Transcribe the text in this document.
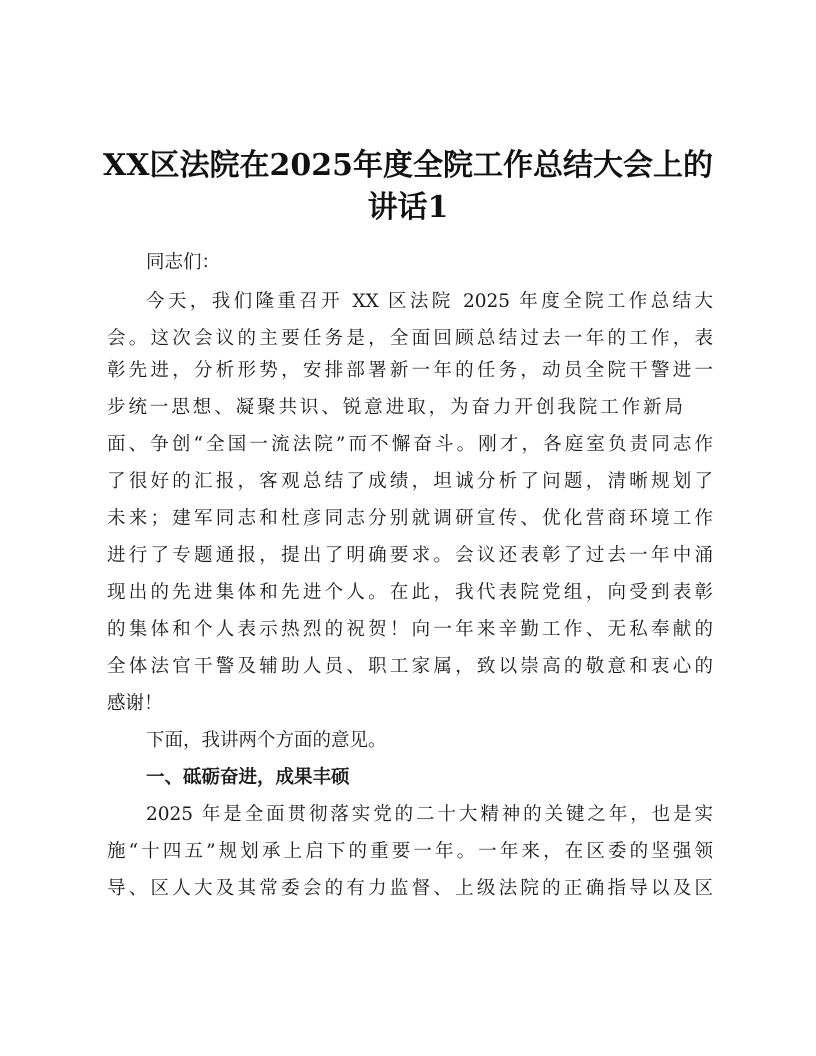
XX区法院在2025年度全院工作总结大会上的
讲话1
同志们：
今天，我们隆重召开 XX 区法院 2025 年度全院工作总结大
会。这次会议的主要任务是，全面回顾总结过去一年的工作，表
彰先进，分析形势，安排部署新一年的任务，动员全院干警进一
步统一思想、凝聚共识、锐意进取，为奋力开创我院工作新局
面、争创“全国一流法院”而不懈奋斗。刚才，各庭室负责同志作
了很好的汇报，客观总结了成绩，坦诚分析了问题，清晰规划了
未来；建军同志和杜彦同志分别就调研宣传、优化营商环境工作
进行了专题通报，提出了明确要求。会议还表彰了过去一年中涌
现出的先进集体和先进个人。在此，我代表院党组，向受到表彰
的集体和个人表示热烈的祝贺！向一年来辛勤工作、无私奉献的
全体法官干警及辅助人员、职工家属，致以崇高的敬意和衷心的
感谢！
下面，我讲两个方面的意见。
一、砥砺奋进，成果丰硕
2025 年是全面贯彻落实党的二十大精神的关键之年，也是实
施“十四五”规划承上启下的重要一年。一年来，在区委的坚强领
导、区人大及其常委会的有力监督、上级法院的正确指导以及区
